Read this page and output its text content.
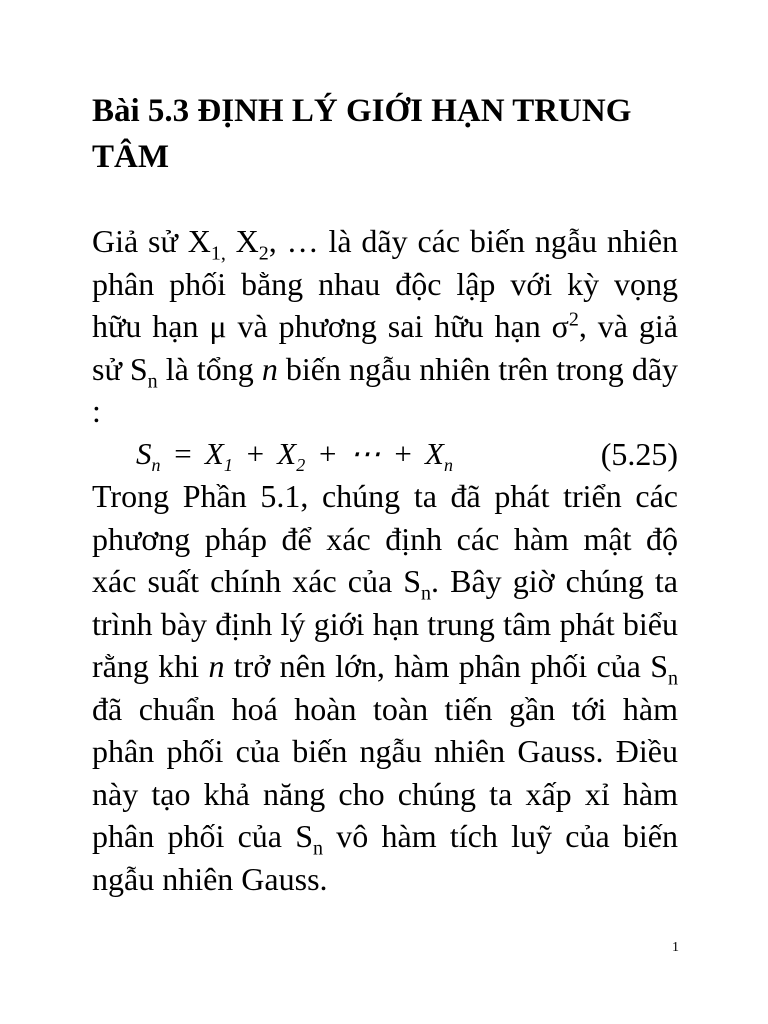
Bài 5.3 ĐỊNH LÝ GIỚI HẠN TRUNG TÂM

Giả sử $X_{1,}$ $X_2$, … là dãy các biến ngẫu nhiên phân phối bằng nhau độc lập với kỳ vọng hữu hạn μ và phương sai hữu hạn $\sigma^2$, và giả sử $S_n$ là tổng n biến ngẫu nhiên trên trong dãy :

$S_n = X_1 + X_2$ + ⋯ + $X_n$	(5.25)

Trong Phần 5.1, chúng ta đã phát triển các phương pháp để xác định các hàm mật độ xác suất chính xác của $S_n$. Bây giờ chúng ta trình bày định lý giới hạn trung tâm phát biểu rằng khi n trở nên lớn, hàm phân phối của $S_n$ đã chuẩn hoá hoàn toàn tiến gần tới hàm phân phối của biến ngẫu nhiên Gauss. Điều này tạo khả năng cho chúng ta xấp xỉ hàm phân phối của $S_n$ vô hàm tích luỹ của biến ngẫu nhiên Gauss.

1
